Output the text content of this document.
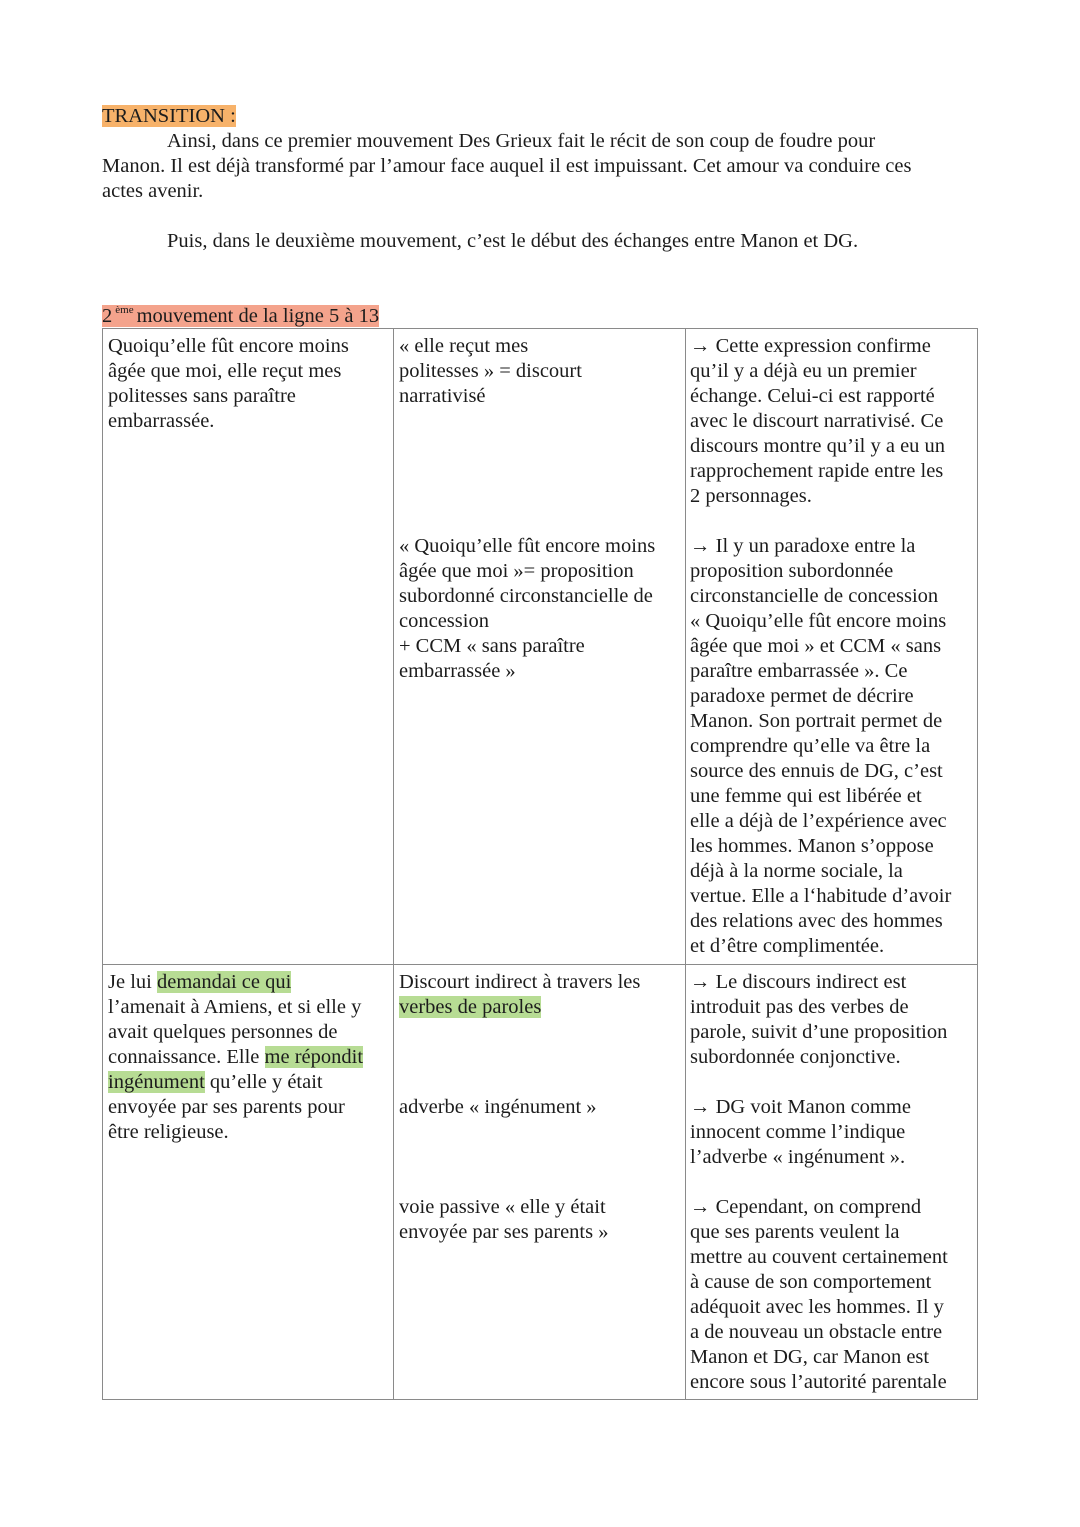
TRANSITION :
Ainsi, dans ce premier mouvement Des Grieux fait le récit de son coup de foudre pour
Manon. Il est déjà transformé par l’amour face auquel il est impuissant. Cet amour va conduire ces
actes avenir.
Puis, dans le deuxième mouvement, c’est le début des échanges entre Manon et DG.
2 $^{ème}$ mouvement de la ligne 5 à 13
Quoiqu’elle fût encore moins
âgée que moi, elle reçut mes
politesses sans paraître
embarrassée.
« elle reçut mes
politesses » = discourt
narrativisé
→ Cette expression confirme
qu’il y a déjà eu un premier
échange. Celui-ci est rapporté
avec le discourt narrativisé. Ce
discours montre qu’il y a eu un
rapprochement rapide entre les
2 personnages.
« Quoiqu’elle fût encore moins
âgée que moi »= proposition
subordonné circonstancielle de
concession
+ CCM « sans paraître
embarrassée »
→ Il y un paradoxe entre la
proposition subordonnée
circonstancielle de concession
« Quoiqu’elle fût encore moins
âgée que moi » et CCM « sans
paraître embarrassée ». Ce
paradoxe permet de décrire
Manon. Son portrait permet de
comprendre qu’elle va être la
source des ennuis de DG, c’est
une femme qui est libérée et
elle a déjà de l’expérience avec
les hommes. Manon s’oppose
déjà à la norme sociale, la
vertue. Elle a l‘habitude d’avoir
des relations avec des hommes
et d’être complimentée.
Je lui demandai ce qui
l’amenait à Amiens, et si elle y
avait quelques personnes de
connaissance. Elle me répondit
ingénument qu’elle y était
envoyée par ses parents pour
être religieuse.
Discourt indirect à travers les
verbes de paroles
→ Le discours indirect est
introduit pas des verbes de
parole, suivit d’une proposition
subordonnée conjonctive.
adverbe « ingénument »	→ DG voit Manon comme
innocent comme l’indique
l’adverbe « ingénument ».
voie passive « elle y était
envoyée par ses parents »
→ Cependant, on comprend
que ses parents veulent la
mettre au couvent certainement
à cause de son comportement
adéquoit avec les hommes. Il y
a de nouveau un obstacle entre
Manon et DG, car Manon est
encore sous l’autorité parentale
